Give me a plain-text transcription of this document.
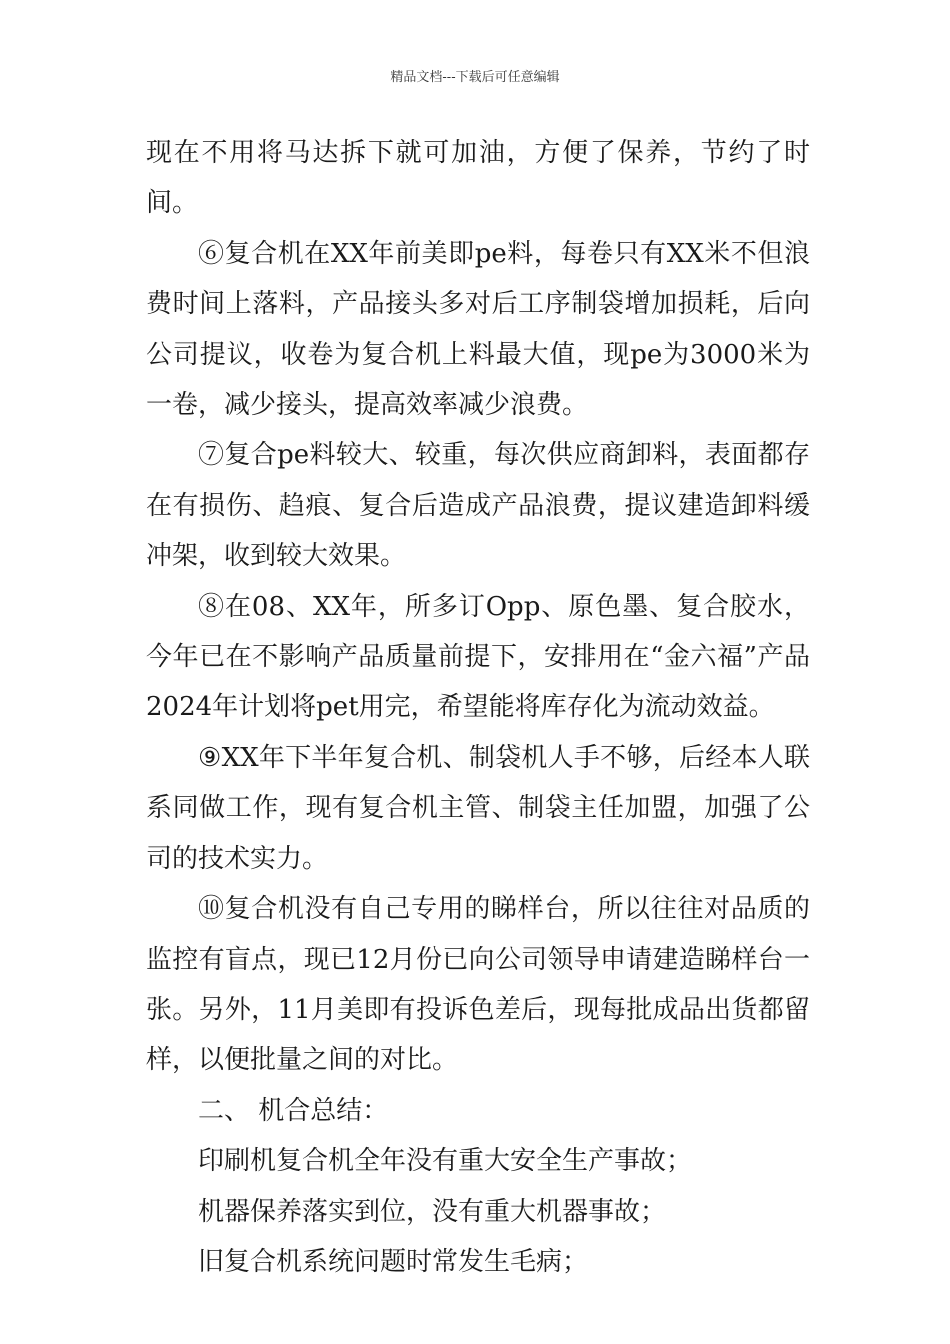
精品文档---下载后可任意编辑

现在不用将马达拆下就可加油，方便了保养，节约了时间。

⑥复合机在XX年前美即pe料，每卷只有XX米不但浪费时间上落料，产品接头多对后工序制袋增加损耗，后向公司提议，收卷为复合机上料最大值，现pe为3000米为一卷，减少接头，提高效率减少浪费。

⑦复合pe料较大、较重，每次供应商卸料，表面都存在有损伤、趋痕、复合后造成产品浪费，提议建造卸料缓冲架，收到较大效果。

⑧在08、XX年，所多订Opp、原色墨、复合胶水，今年已在不影响产品质量前提下，安排用在“金六福”产品2024年计划将pet用完，希望能将库存化为流动效益。

⑨XX年下半年复合机、制袋机人手不够，后经本人联系同做工作，现有复合机主管、制袋主任加盟，加强了公司的技术实力。

⑩复合机没有自己专用的睇样台，所以往往对品质的监控有盲点，现已12月份已向公司领导申请建造睇样台一张。另外，11月美即有投诉色差后，现每批成品出货都留样，以便批量之间的对比。

二、 机合总结：

印刷机复合机全年没有重大安全生产事故；

机器保养落实到位，没有重大机器事故；

旧复合机系统问题时常发生毛病；
